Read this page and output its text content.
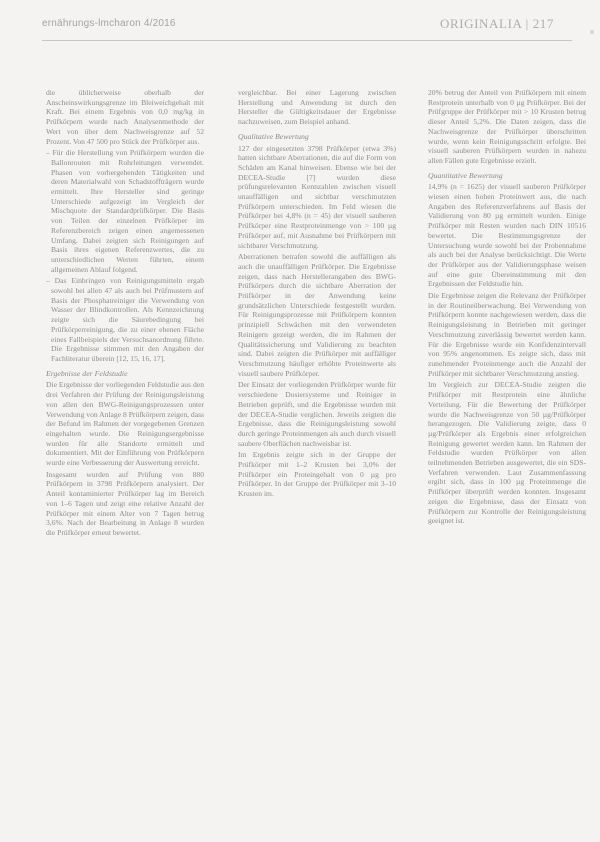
ernährungs-lmcharon 4/2016	ORIGINALIA | 217

die üblicherweise oberhalb der Anscheinswirkungsgrenze im Bleiweichgehalt mit Kraft. Bei einem Ergebnis von 0,0 mg/kg in Prüfkörpern wurde nach Analysenmethode der Wert von über dem Nachweisgrenze auf 52 Prozent. Von 47 500 pro Stück der Prüfkörper aus.

– Für die Herstellung von Prüfkörpern wurden die Ballonrouten mit Rohrleitungen verwendet. Phasen von vorhergehenden Tätigkeiten und deren Materialwahl von Schadstoffträgern wurde ermittelt. Ihre Hersteller sind geringe Unterschiede aufgezeigt im Vergleich der Mischquote der Standardprüfkörper. Die Basis von Teilen der einzelnen Prüfkörper im Referenzbereich zeigen einen angemessenen Umfang. Dabei zeigten sich Reinigungen auf Basis ihres eigenen Referenzwertes, die zu unterschiedlichen Werten führten, einem allgemeinen Ablauf folgend.

– Das Einbringen von Reinigungsmitteln ergab sowohl bei allen 47 als auch bei Prüfmustern auf Basis der Phosphatreiniger die Verwendung von Wasser der Blindkontrollen. Als Kennzeichnung zeigte sich die Säurebedingung bei Prüfkörperreinigung, die zu einer ebenen Fläche eines Fallbeispiels der Versuchsanordnung führte. Die Ergebnisse stimmen mit den Angaben der Fachliteratur überein [12, 15, 16, 17].

Ergebnisse der Feldstudie

Die Ergebnisse der vorliegenden Feldstudie aus den drei Verfahren der Prüfung der Reinigungsleistung von allen den BWG-Reinigungsprozessen unter Verwendung von Anlage 8 Prüfkörpern zeigen, dass der Befund im Rahmen der vorgegebenen Grenzen eingehalten wurde. Die Reinigungsergebnisse wurden für alle Standorte ermittelt und dokumentiert. Mit der Einführung von Prüfkörpern wurde eine Verbesserung der Auswertung erreicht.

Insgesamt wurden auf Prüfung von 880 Prüfkörpern in 3798 Prüfkörpern analysiert. Der Anteil kontaminierter Prüfkörper lag im Bereich von 1–6 Tagen und zeigt eine relative Anzahl der Prüfkörper mit einem Alter von 7 Tagen betrug 3,6%. Nach der Bearbeitung in Anlage 8 wurden die Prüfkörper erneut bewertet.

vergleichbar. Bei einer Lagerung zwischen Herstellung und Anwendung ist durch den Hersteller die Gültigkeitsdauer der Ergebnisse nachzuweisen, zum Beispiel anhand.

Qualitative Bewertung

127 der eingesetzten 3798 Prüfkörper (etwa 3%) hatten sichtbare Aberrationen, die auf die Form von Schäden am Kanal hinweisen. Ebenso wie bei der DECEA-Studie [7] wurden diese prüfungsrelevanten Kennzahlen zwischen visuell unauffälligen und sichtbar verschmutzten Prüfkörpern unterschieden. Im Feld wiesen die Prüfkörper bei 4,8% (n = 45) der visuell sauberen Prüfkörper eine Restproteinmenge von > 100 µg Prüfkörper auf, mit Ausnahme bei Prüfkörpern mit sichtbarer Verschmutzung.

Aberrationen betrafen sowohl die auffälligen als auch die unauffälligen Prüfkörper. Die Ergebnisse zeigen, dass nach Herstellerangaben des BWG-Prüfkörpers durch die sichtbare Aberration der Prüfkörper in der Anwendung keine grundsätzlichen Unterschiede festgestellt wurden. Für Reinigungsprozesse mit Prüfkörpern konnten prinzipiell Schwächen mit den verwendeten Reinigern gezeigt werden, die im Rahmen der Qualitätssicherung und Validierung zu beachten sind. Dabei zeigten die Prüfkörper mit auffälliger Verschmutzung häufiger erhöhte Proteinwerte als visuell saubere Prüfkörper.

Der Einsatz der vorliegenden Prüfkörper wurde für verschiedene Dosiersysteme und Reiniger in Betrieben geprüft, und die Ergebnisse wurden mit der DECEA-Studie verglichen. Jeweils zeigten die Ergebnisse, dass die Reinigungsleistung sowohl durch geringe Proteinmengen als auch durch visuell saubere Oberflächen nachweisbar ist.

Im Ergebnis zeigte sich in der Gruppe der Prüfkörper mit 1–2 Krusten bei 3,0% der Prüfkörper ein Proteingehalt von 0 µg pro Prüfkörper. In der Gruppe der Prüfkörper mit 3–10 Krusten im.

20% betrug der Anteil von Prüfkörpern mit einem Restprotein unterhalb von 0 µg Prüfkörper. Bei der Prüfgruppe der Prüfkörper mit > 10 Krusten betrug dieser Anteil 5,2%. Die Daten zeigen, dass die Nachweisgrenze der Prüfkörper überschritten wurde, wenn kein Reinigungsschritt erfolgte. Bei visuell sauberen Prüfkörpern wurden in nahezu allen Fällen gute Ergebnisse erzielt.

Quantitative Bewertung

14,9% (n = 1625) der visuell sauberen Prüfkörper wiesen einen hohen Proteinwert aus, die nach Angaben des Referenzverfahrens auf Basis der Validierung von 80 µg ermittelt wurden. Einige Prüfkörper mit Resten wurden nach DIN 10516 bewertet. Die Bestimmungsgrenze der Untersuchung wurde sowohl bei der Probennahme als auch bei der Analyse berücksichtigt. Die Werte der Prüfkörper aus der Validierungsphase weisen auf eine gute Übereinstimmung mit den Ergebnissen der Feldstudie hin.

Die Ergebnisse zeigen die Relevanz der Prüfkörper in der Routineüberwachung. Bei Verwendung von Prüfkörpern konnte nachgewiesen werden, dass die Reinigungsleistung in Betrieben mit geringer Verschmutzung zuverlässig bewertet werden kann. Für die Ergebnisse wurde ein Konfidenzintervall von 95% angenommen. Es zeigte sich, dass mit zunehmender Proteinmenge auch die Anzahl der Prüfkörper mit sichtbarer Verschmutzung anstieg.

Im Vergleich zur DECEA-Studie zeigten die Prüfkörper mit Restprotein eine ähnliche Verteilung. Für die Bewertung der Prüfkörper wurde die Nachweisgrenze von 50 µg/Prüfkörper herangezogen. Die Validierung zeigte, dass 0 µg/Prüfkörper als Ergebnis einer erfolgreichen Reinigung gewertet werden kann. Im Rahmen der Feldstudie wurden Prüfkörper von allen teilnehmenden Betrieben ausgewertet, die ein SDS-Verfahren verwenden. Laut Zusammenfassung ergibt sich, dass in 100 µg Proteinmenge die Prüfkörper überprüft werden konnten. Insgesamt zeigen die Ergebnisse, dass der Einsatz von Prüfkörpern zur Kontrolle der Reinigungsleistung geeignet ist.
